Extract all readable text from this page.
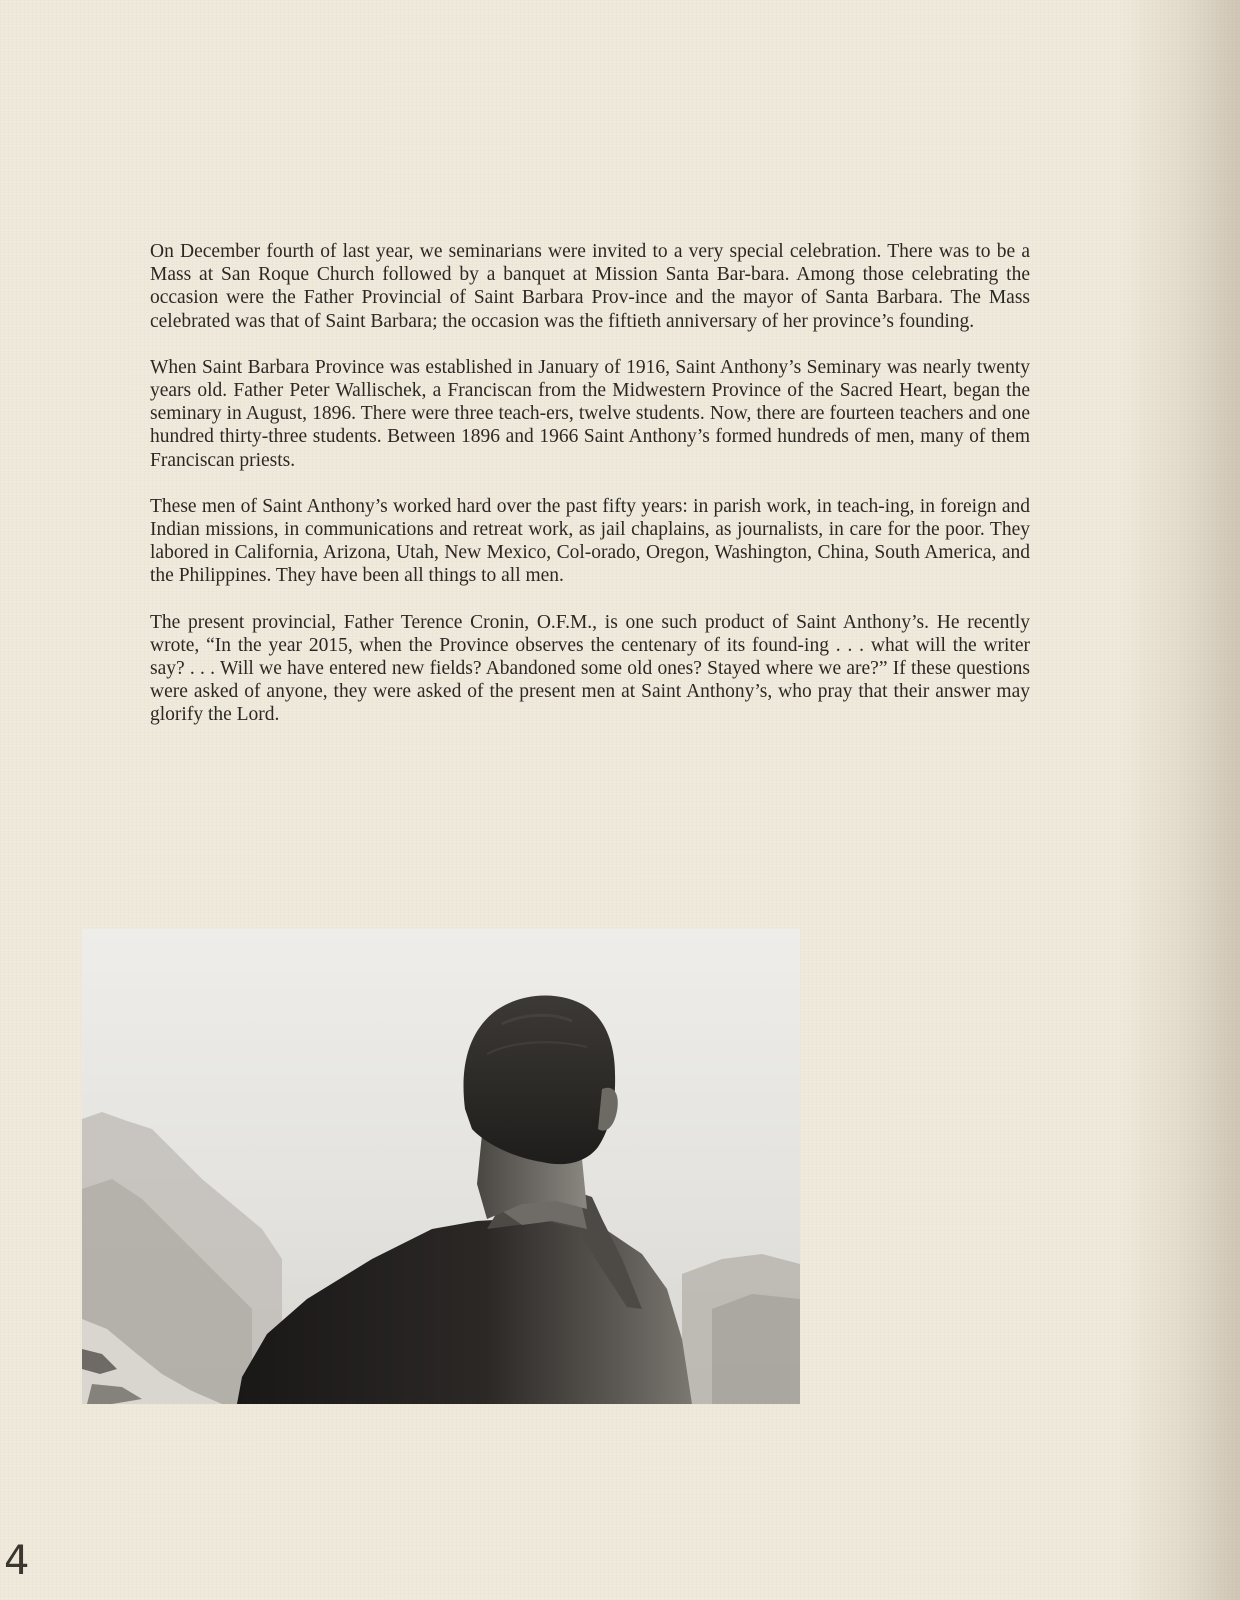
On December fourth of last year, we seminarians were invited to a very special celebration. There was to be a Mass at San Roque Church followed by a banquet at Mission Santa Bar-bara. Among those celebrating the occasion were the Father Provincial of Saint Barbara Prov-ince and the mayor of Santa Barbara. The Mass celebrated was that of Saint Barbara; the occasion was the fiftieth anniversary of her province’s founding.

When Saint Barbara Province was established in January of 1916, Saint Anthony’s Seminary was nearly twenty years old. Father Peter Wallischek, a Franciscan from the Midwestern Province of the Sacred Heart, began the seminary in August, 1896. There were three teach-ers, twelve students. Now, there are fourteen teachers and one hundred thirty-three students. Between 1896 and 1966 Saint Anthony’s formed hundreds of men, many of them Franciscan priests.

These men of Saint Anthony’s worked hard over the past fifty years: in parish work, in teach-ing, in foreign and Indian missions, in communications and retreat work, as jail chaplains, as journalists, in care for the poor. They labored in California, Arizona, Utah, New Mexico, Col-orado, Oregon, Washington, China, South America, and the Philippines. They have been all things to all men.

The present provincial, Father Terence Cronin, O.F.M., is one such product of Saint Anthony’s. He recently wrote, “In the year 2015, when the Province observes the centenary of its found-ing . . . what will the writer say? . . . Will we have entered new fields? Abandoned some old ones? Stayed where we are?” If these questions were asked of anyone, they were asked of the present men at Saint Anthony’s, who pray that their answer may glorify the Lord.

4
